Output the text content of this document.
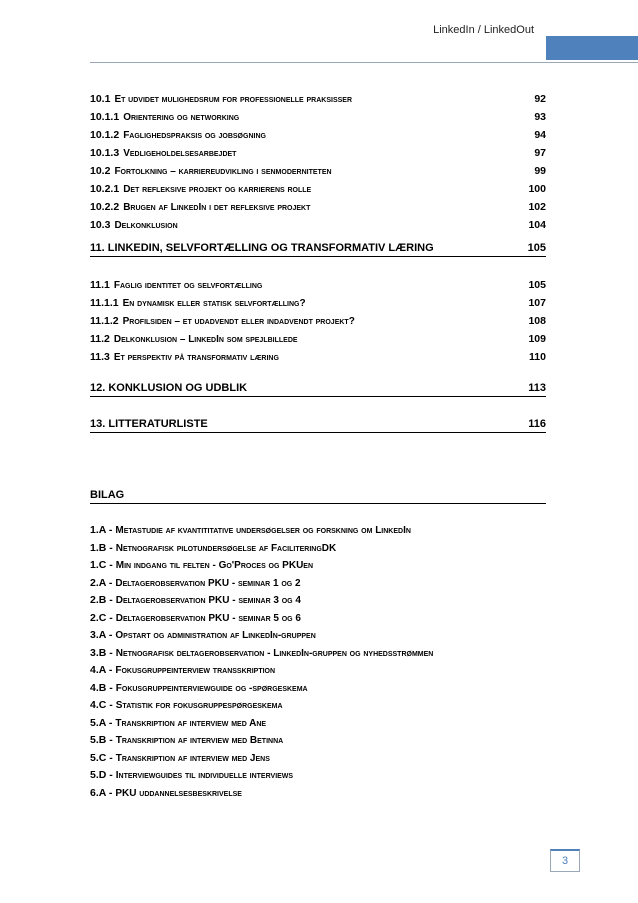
LinkedIn / LinkedOut
10.1 Et udvidet mulighedsrum for professionelle praksisser	92
10.1.1 Orientering og networking	93
10.1.2 Faglighedspraksis og jobsøgning	94
10.1.3 Vedligeholdelsesarbejdet	97
10.2 Fortolkning – karriereudvikling i senmoderniteten	99
10.2.1 Det refleksive projekt og karrierens rolle	100
10.2.2 Brugen af LinkedIn i det refleksive projekt	102
10.3 Delkonklusion	104
11. LINKEDIN, SELVFORTÆLLING OG TRANSFORMATIV LÆRING	105
11.1 Faglig identitet og selvfortælling	105
11.1.1 En dynamisk eller statisk selvfortælling?	107
11.1.2 Profilsiden – et udadvendt eller indadvendt projekt?	108
11.2 Delkonklusion – LinkedIn som spejlbillede	109
11.3 Et perspektiv på transformativ læring	110
12. KONKLUSION OG UDBLIK	113
13. LITTERATURLISTE	116
BILAG
1.A - Metastudie af kvantititative undersøgelser og forskning om LinkedIn
1.B - Netnografisk pilotundersøgelse af FaciliteringDK
1.C - Min indgang til felten - Go'Proces og PKUen
2.A - Deltagerobservation PKU - seminar 1 og 2
2.B - Deltagerobservation PKU - seminar 3 og 4
2.C - Deltagerobservation PKU - seminar 5 og 6
3.A - Opstart og administration af LinkedIn-gruppen
3.B - Netnografisk deltagerobservation - LinkedIn-gruppen og nyhedsstrømmen
4.A - Fokusgruppeinterview transskription
4.B - Fokusgruppeinterviewguide og -spørgeskema
4.C - Statistik for fokusgruppespørgeskema
5.A - Transkription af interview med Ane
5.B - Transkription af interview med Betinna
5.C - Transkription af interview med Jens
5.D - Interviewguides til individuelle interviews
6.A - PKU uddannelsesbeskrivelse
3
